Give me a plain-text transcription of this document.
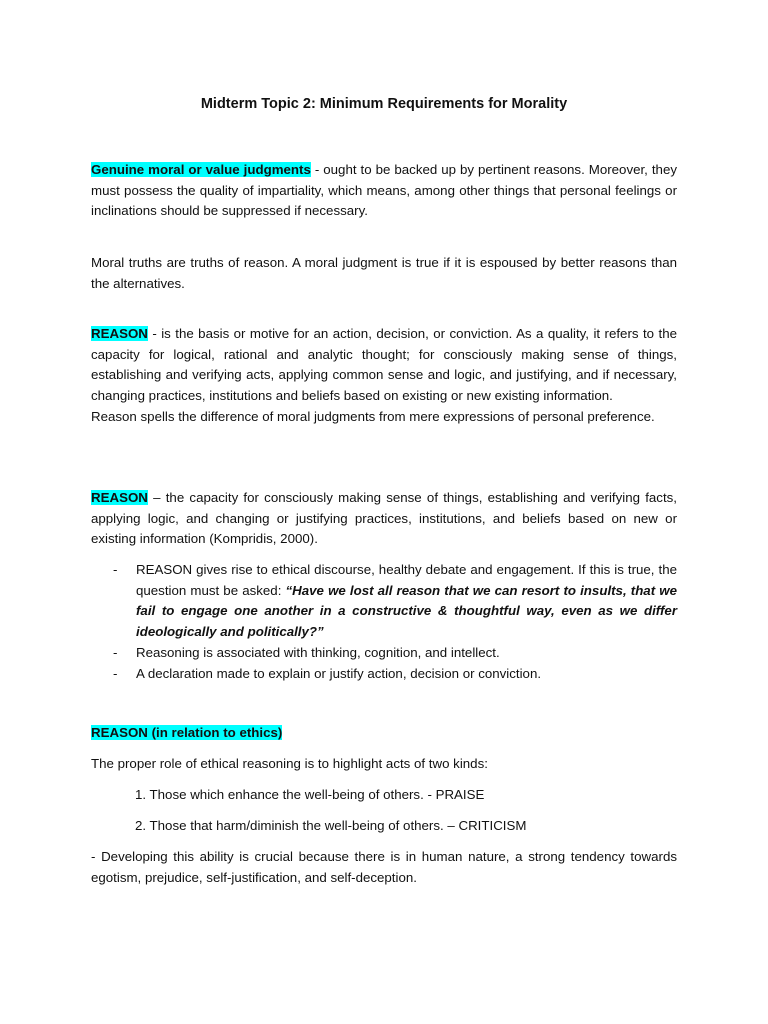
Midterm Topic 2: Minimum Requirements for Morality
Genuine moral or value judgments - ought to be backed up by pertinent reasons. Moreover, they must possess the quality of impartiality, which means, among other things that personal feelings or inclinations should be suppressed if necessary.
Moral truths are truths of reason. A moral judgment is true if it is espoused by better reasons than the alternatives.
REASON - is the basis or motive for an action, decision, or conviction. As a quality, it refers to the capacity for logical, rational and analytic thought; for consciously making sense of things, establishing and verifying acts, applying common sense and logic, and justifying, and if necessary, changing practices, institutions and beliefs based on existing or new existing information.
Reason spells the difference of moral judgments from mere expressions of personal preference.
REASON – the capacity for consciously making sense of things, establishing and verifying facts, applying logic, and changing or justifying practices, institutions, and beliefs based on new or existing information (Kompridis, 2000).
- REASON gives rise to ethical discourse, healthy debate and engagement. If this is true, the question must be asked: “Have we lost all reason that we can resort to insults, that we fail to engage one another in a constructive & thoughtful way, even as we differ ideologically and politically?”
- Reasoning is associated with thinking, cognition, and intellect.
- A declaration made to explain or justify action, decision or conviction.
REASON (in relation to ethics)
The proper role of ethical reasoning is to highlight acts of two kinds:
1. Those which enhance the well-being of others. - PRAISE
2. Those that harm/diminish the well-being of others. – CRITICISM
- Developing this ability is crucial because there is in human nature, a strong tendency towards egotism, prejudice, self-justification, and self-deception.
